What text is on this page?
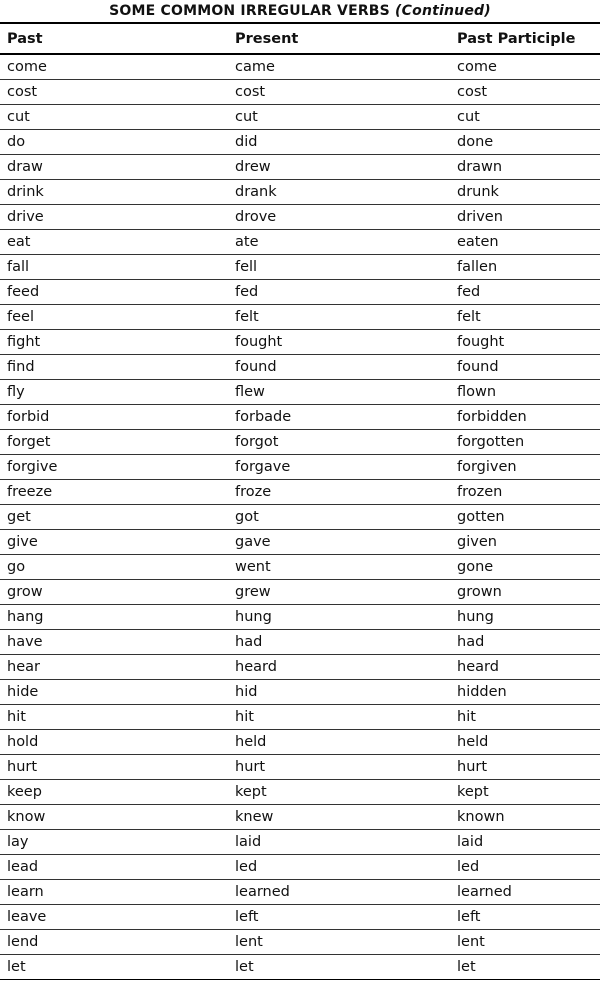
SOME COMMON IRREGULAR VERBS (Continued)
Past	Present	Past Participle
come	came	come
cost	cost	cost
cut	cut	cut
do	did	done
draw	drew	drawn
drink	drank	drunk
drive	drove	driven
eat	ate	eaten
fall	fell	fallen
feed	fed	fed
feel	felt	felt
fight	fought	fought
find	found	found
fly	flew	flown
forbid	forbade	forbidden
forget	forgot	forgotten
forgive	forgave	forgiven
freeze	froze	frozen
get	got	gotten
give	gave	given
go	went	gone
grow	grew	grown
hang	hung	hung
have	had	had
hear	heard	heard
hide	hid	hidden
hit	hit	hit
hold	held	held
hurt	hurt	hurt
keep	kept	kept
know	knew	known
lay	laid	laid
lead	led	led
learn	learned	learned
leave	left	left
lend	lent	lent
let	let	let
